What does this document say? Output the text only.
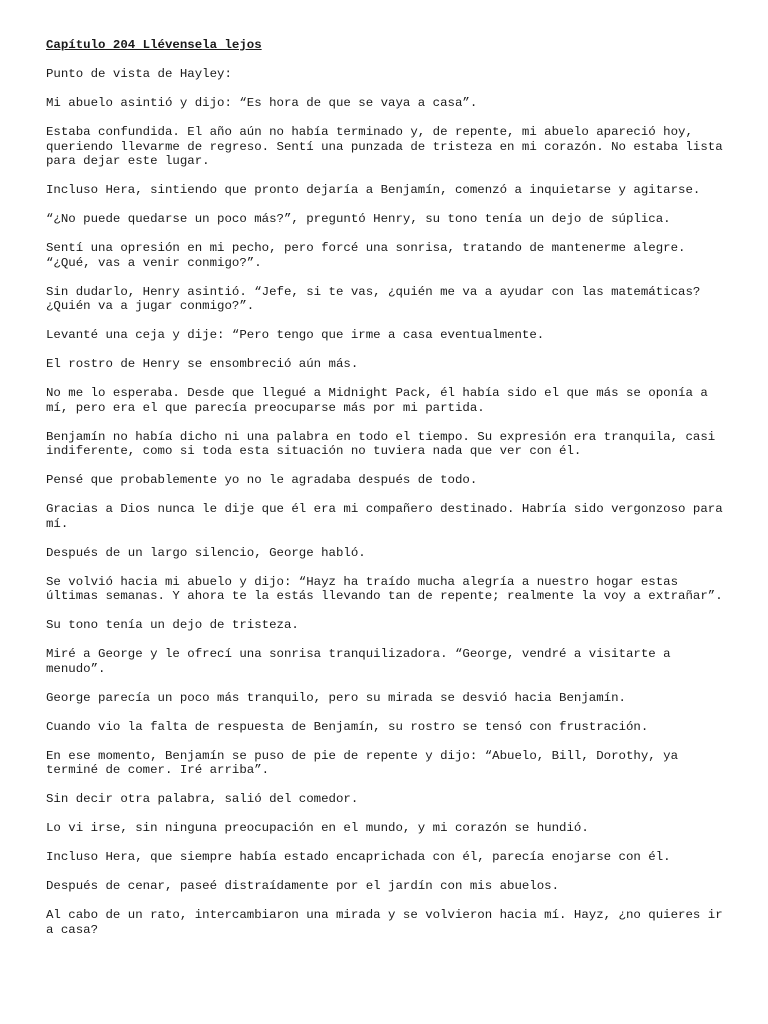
Capítulo 204 Llévensela lejos

Punto de vista de Hayley:

Mi abuelo asintió y dijo: “Es hora de que se vaya a casa”.

Estaba confundida. El año aún no había terminado y, de repente, mi abuelo apareció hoy, queriendo llevarme de regreso. Sentí una punzada de tristeza en mi corazón. No estaba lista para dejar este lugar.

Incluso Hera, sintiendo que pronto dejaría a Benjamín, comenzó a inquietarse y agitarse.

“¿No puede quedarse un poco más?”, preguntó Henry, su tono tenía un dejo de súplica.

Sentí una opresión en mi pecho, pero forcé una sonrisa, tratando de mantenerme alegre. “¿Qué, vas a venir conmigo?”.

Sin dudarlo, Henry asintió. “Jefe, si te vas, ¿quién me va a ayudar con las matemáticas? ¿Quién va a jugar conmigo?”.

Levanté una ceja y dije: “Pero tengo que irme a casa eventualmente.

El rostro de Henry se ensombreció aún más.

No me lo esperaba. Desde que llegué a Midnight Pack, él había sido el que más se oponía a mí, pero era el que parecía preocuparse más por mi partida.

Benjamín no había dicho ni una palabra en todo el tiempo. Su expresión era tranquila, casi indiferente, como si toda esta situación no tuviera nada que ver con él.

Pensé que probablemente yo no le agradaba después de todo.

Gracias a Dios nunca le dije que él era mi compañero destinado. Habría sido vergonzoso para mí.

Después de un largo silencio, George habló.

Se volvió hacia mi abuelo y dijo: “Hayz ha traído mucha alegría a nuestro hogar estas últimas semanas. Y ahora te la estás llevando tan de repente; realmente la voy a extrañar”.

Su tono tenía un dejo de tristeza.

Miré a George y le ofrecí una sonrisa tranquilizadora. “George, vendré a visitarte a menudo”.

George parecía un poco más tranquilo, pero su mirada se desvió hacia Benjamín.

Cuando vio la falta de respuesta de Benjamín, su rostro se tensó con frustración.

En ese momento, Benjamín se puso de pie de repente y dijo: “Abuelo, Bill, Dorothy, ya terminé de comer. Iré arriba”.

Sin decir otra palabra, salió del comedor.

Lo vi irse, sin ninguna preocupación en el mundo, y mi corazón se hundió.

Incluso Hera, que siempre había estado encaprichada con él, parecía enojarse con él.

Después de cenar, paseé distraídamente por el jardín con mis abuelos.

Al cabo de un rato, intercambiaron una mirada y se volvieron hacia mí. Hayz, ¿no quieres ir a casa?
